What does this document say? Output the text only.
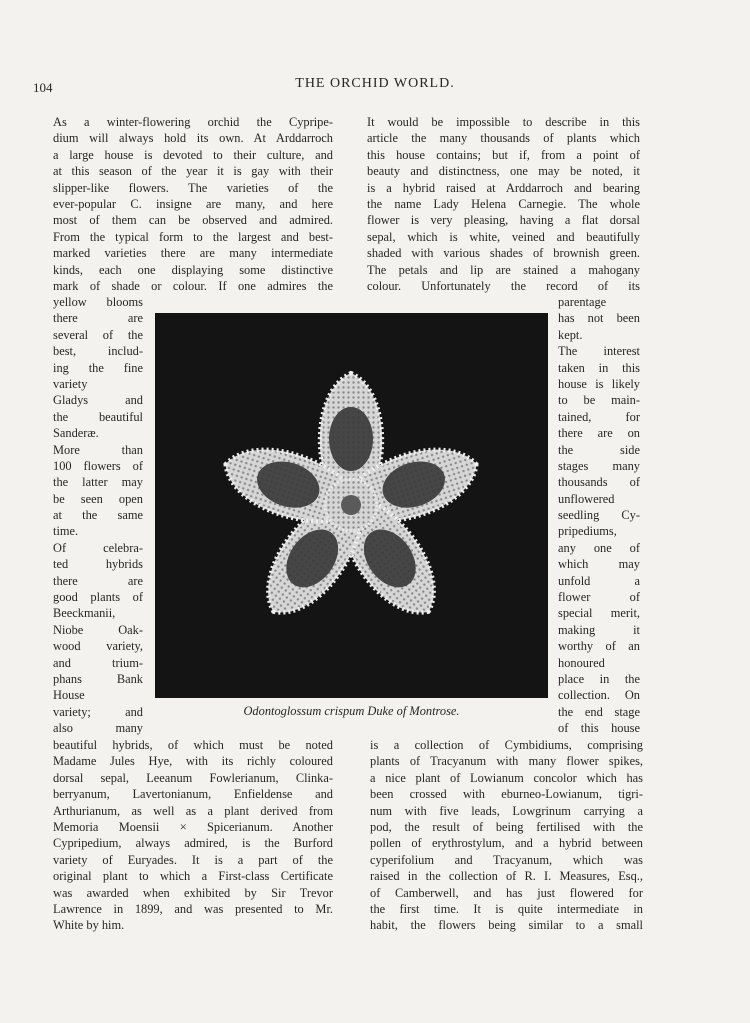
104	THE ORCHID WORLD.
As a winter-flowering orchid the Cypripe-
dium will always hold its own. At Arddarroch
a large house is devoted to their culture, and
at this season of the year it is gay with their
slipper-like flowers. The varieties of the
ever-popular C. insigne are many, and here
most of them can be observed and admired.
From the typical form to the largest and best-
marked varieties there are many intermediate
kinds, each one displaying some distinctive
mark of shade or colour. If one admires the
yellow blooms
there are
several of the
best, includ-
ing the fine
variety
Gladys and
the beautiful
Sanderæ.
More than
100 flowers of
the latter may
be seen open
at the same
time.
Of celebra-
ted hybrids
there are
good plants of
Beeckmanii,
Niobe Oak-
wood variety,
and trium-
phans Bank
House
variety; and
also many
beautiful hybrids, of which must be noted
Madame Jules Hye, with its richly coloured
dorsal sepal, Leeanum Fowlerianum, Clinka-
berryanum, Lavertonianum, Enfieldense and
Arthurianum, as well as a plant derived from
Memoria Moensii × Spicerianum. Another
Cypripedium, always admired, is the Burford
variety of Euryades. It is a part of the
original plant to which a First-class Certificate
was awarded when exhibited by Sir Trevor
Lawrence in 1899, and was presented to Mr.
White by him.
It would be impossible to describe in this
article the many thousands of plants which
this house contains; but if, from a point of
beauty and distinctness, one may be noted, it
is a hybrid raised at Arddarroch and bearing
the name Lady Helena Carnegie. The whole
flower is very pleasing, having a flat dorsal
sepal, which is white, veined and beautifully
shaded with various shades of brownish green.
The petals and lip are stained a mahogany
colour. Unfortunately the record of its
parentage
has not been
kept.
The interest
taken in this
house is likely
to be main-
tained, for
there are on
the side
stages many
thousands of
unflowered
seedling Cy-
pripediums,
any one of
which may
unfold a
flower of
special merit,
making it
worthy of an
honoured
place in the
collection. On
the end stage
of this house
is a collection of Cymbidiums, comprising
plants of Tracyanum with many flower spikes,
a nice plant of Lowianum concolor which has
been crossed with eburneo-Lowianum, tigri-
num with five leads, Lowgrinum carrying a
pod, the result of being fertilised with the
pollen of erythrostylum, and a hybrid between
cyperifolium and Tracyanum, which was
raised in the collection of R. I. Measures, Esq.,
of Camberwell, and has just flowered for
the first time. It is quite intermediate in
habit, the flowers being similar to a small
Odontoglossum crispum Duke of Montrose.
